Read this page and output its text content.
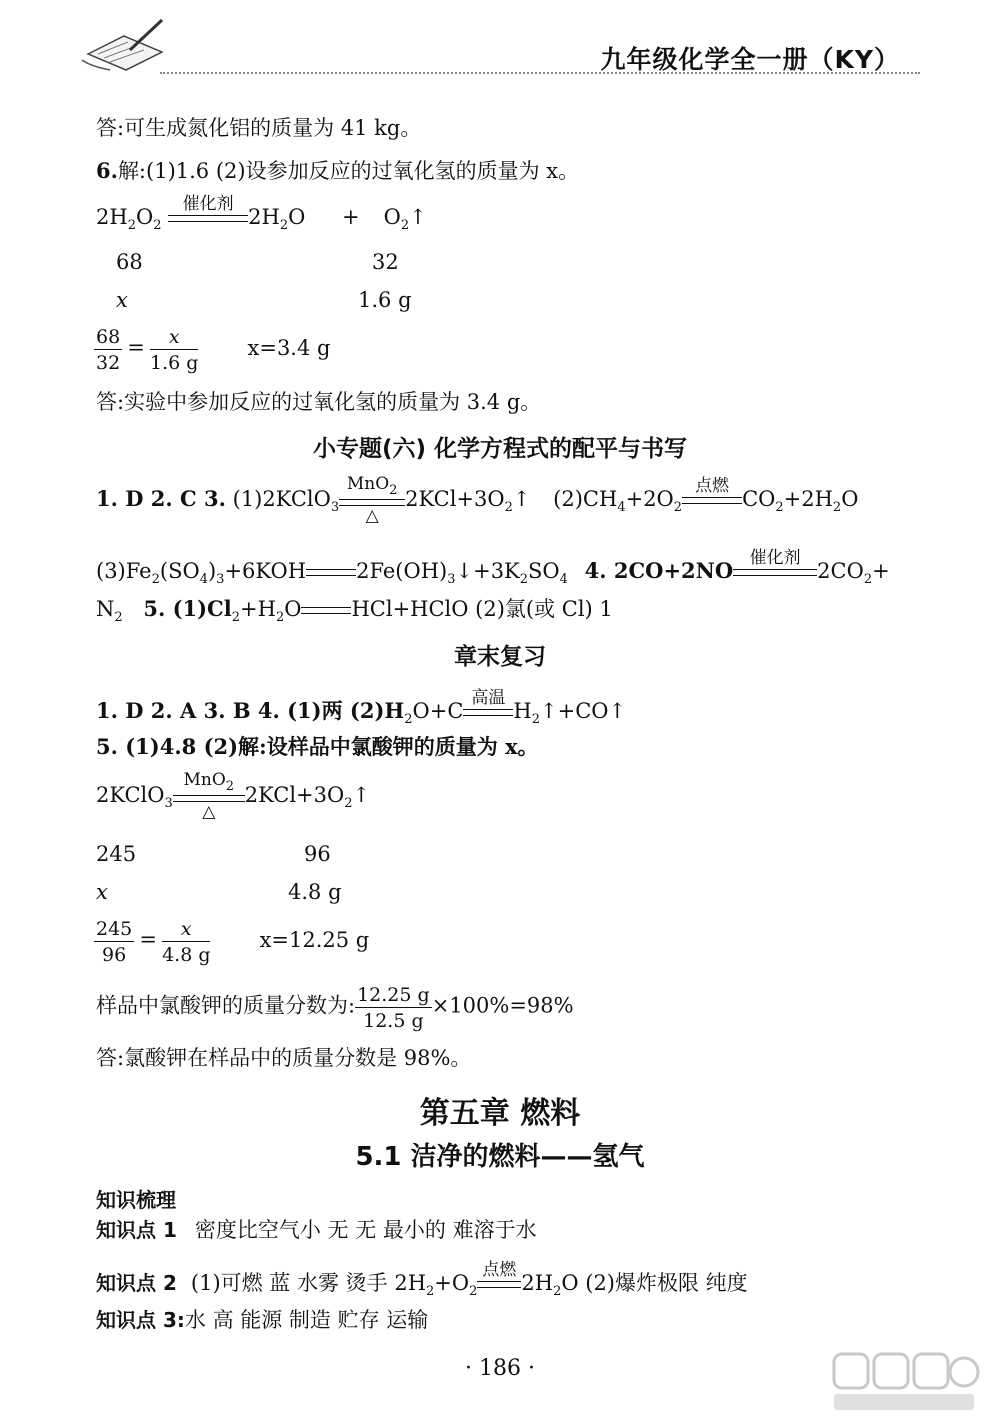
九年级化学全一册（KY）
答:可生成氮化铝的质量为 41 kg。
6.解:(1)1.6 (2)设参加反应的过氧化氢的质量为 x。
$2H_2O_2$
催化剂
$2H_2O$ + $O_2↑$
68	32
x	1.6 g
$\frac{68}{32} = \frac{x}{1.6 g} x=3.4$ g
答:实验中参加反应的过氧化氢的质量为 3.4 g。
小专题(六) 化学方程式的配平与书写
1. D 2. C 3. (1)2KClO$_3$
MnO$_2$
△
$2KCl+3O_2↑$ $(2)CH_4+2O_2$
点燃
$CO_2+2H_2O$
$(3)Fe_2(SO_4)_3+6KOH$ $2Fe(OH)_3↓+3K_2SO_4$ 4. 2CO+2NO 催化剂
$2CO_2+$
$N_2$ 5. $(1)Cl_2+H_2O$ HCl+HClO (2)氯(或 Cl) 1
章末复习
1. D 2. A 3. B 4. (1)两 $(2)H_2O+C$
高温
$H_2↑+CO↑$
5. (1)4.8 (2)解:设样品中氯酸钾的质量为 x。
2KClO$_3$
MnO$_2$
△
$2KCl+3O_2↑$
245	96
x	4.8 g
$\frac{245}{96} = \frac{x}{4.8 g} x=12.25$ g
样品中氯酸钾的质量分数为: $\frac{12.25 g}{12.5 g} \times 100\%=98\%$
答:氯酸钾在样品中的质量分数是 98%。
第五章 燃料
5.1 洁净的燃料——氢气
知识梳理
知识点 1 密度比空气小 无 无 最小的 难溶于水
知识点 2 (1)可燃 蓝 水雾 烫手 $2H_2+O_2$
点燃
$2H_2O$ (2)爆炸极限 纯度
知识点 3:水 高 能源 制造 贮存 运输
· 186 ·
